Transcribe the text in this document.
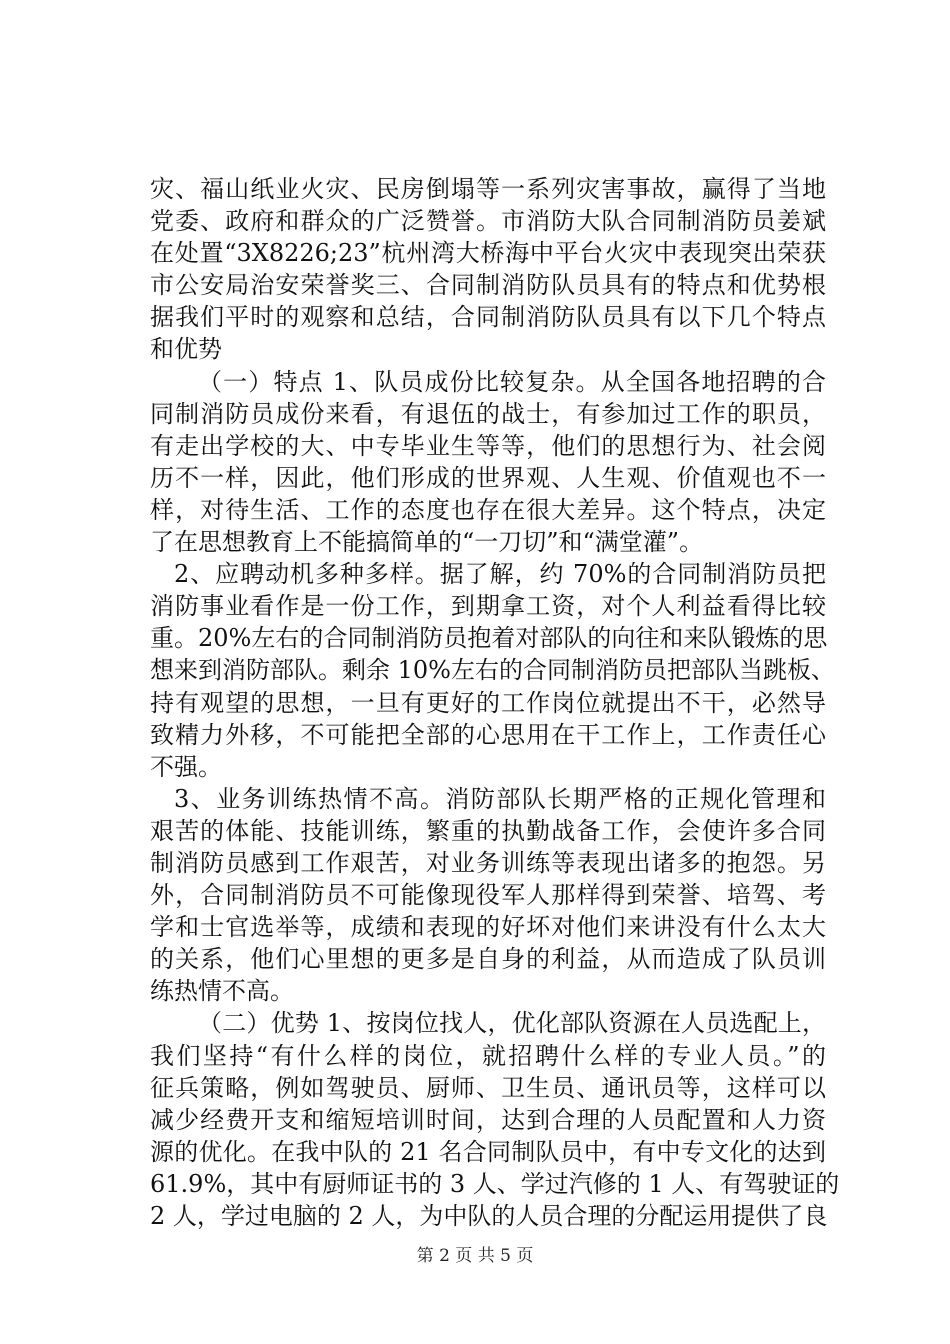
灾、福山纸业火灾、民房倒塌等一系列灾害事故，赢得了当地
党委、政府和群众的广泛赞誉。市消防大队合同制消防员姜斌
在处置“3X8226;23”杭州湾大桥海中平台火灾中表现突出荣获
市公安局治安荣誉奖三、合同制消防队员具有的特点和优势根
据我们平时的观察和总结，合同制消防队员具有以下几个特点
和优势
（一）特点 1、队员成份比较复杂。从全国各地招聘的合
同制消防员成份来看，有退伍的战士，有参加过工作的职员，
有走出学校的大、中专毕业生等等，他们的思想行为、社会阅
历不一样，因此，他们形成的世界观、人生观、价值观也不一
样，对待生活、工作的态度也存在很大差异。这个特点，决定
了在思想教育上不能搞简单的“一刀切”和“满堂灌”。
2、应聘动机多种多样。据了解，约 70%的合同制消防员把
消防事业看作是一份工作，到期拿工资，对个人利益看得比较
重。20%左右的合同制消防员抱着对部队的向往和来队锻炼的思
想来到消防部队。剩余 10%左右的合同制消防员把部队当跳板、
持有观望的思想，一旦有更好的工作岗位就提出不干，必然导
致精力外移，不可能把全部的心思用在干工作上，工作责任心
不强。
3、业务训练热情不高。消防部队长期严格的正规化管理和
艰苦的体能、技能训练，繁重的执勤战备工作，会使许多合同
制消防员感到工作艰苦，对业务训练等表现出诸多的抱怨。另
外，合同制消防员不可能像现役军人那样得到荣誉、培驾、考
学和士官选举等，成绩和表现的好坏对他们来讲没有什么太大
的关系，他们心里想的更多是自身的利益，从而造成了队员训
练热情不高。
（二）优势 1、按岗位找人，优化部队资源在人员选配上，
我们坚持“有什么样的岗位，就招聘什么样的专业人员。”的
征兵策略，例如驾驶员、厨师、卫生员、通讯员等，这样可以
减少经费开支和缩短培训时间，达到合理的人员配置和人力资
源的优化。在我中队的 21 名合同制队员中，有中专文化的达到
61.9%，其中有厨师证书的 3 人、学过汽修的 1 人、有驾驶证的
2 人，学过电脑的 2 人，为中队的人员合理的分配运用提供了良
第 2 页 共 5 页
